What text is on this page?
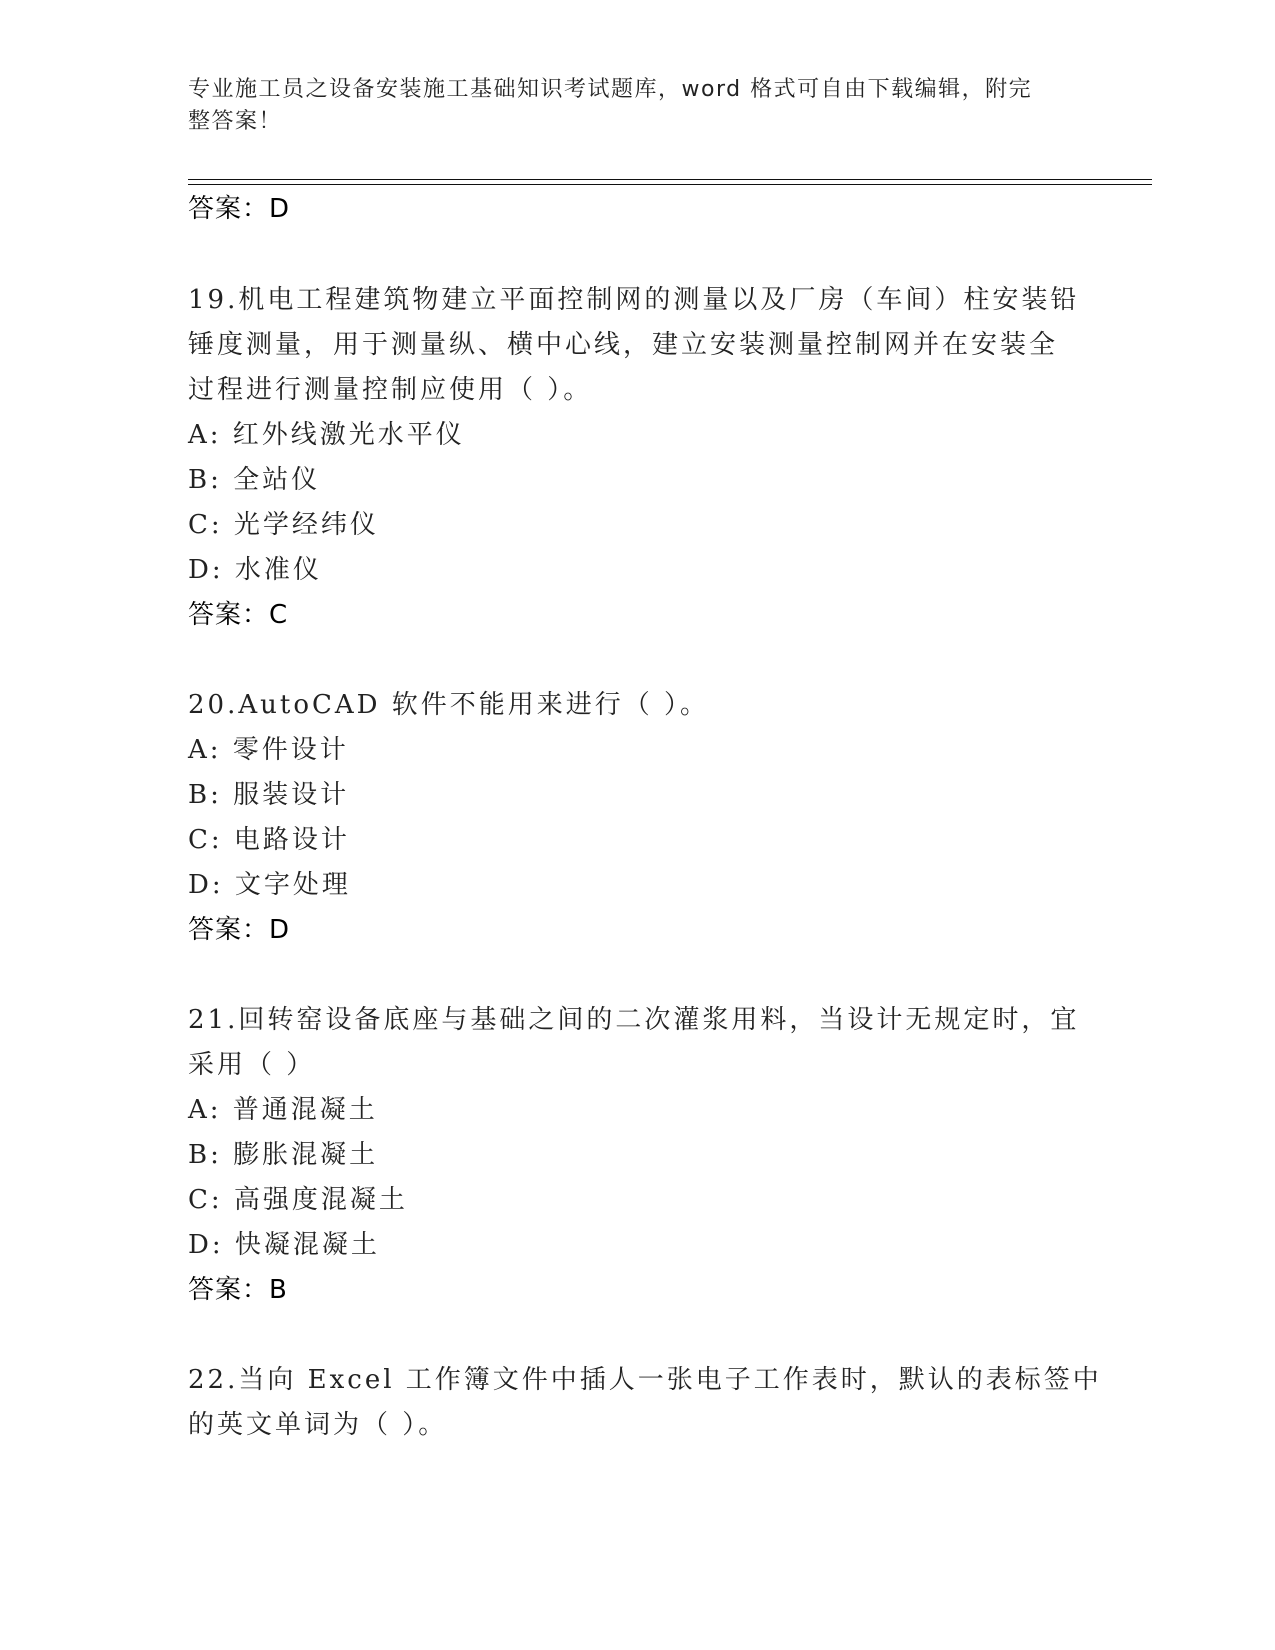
专业施工员之设备安装施工基础知识考试题库，word 格式可自由下载编辑，附完
整答案！
答案：D
19.机电工程建筑物建立平面控制网的测量以及厂房（车间）柱安装铅
锤度测量，用于测量纵、横中心线，建立安装测量控制网并在安装全
过程进行测量控制应使用（ ）。
A: 红外线激光水平仪
B: 全站仪
C: 光学经纬仪
D: 水准仪
答案：C
20.AutoCAD 软件不能用来进行（ ）。
A: 零件设计
B: 服装设计
C: 电路设计
D: 文字处理
答案：D
21.回转窑设备底座与基础之间的二次灌浆用料，当设计无规定时，宜
采用（ ）
A: 普通混凝土
B: 膨胀混凝土
C: 高强度混凝土
D: 快凝混凝土
答案：B
22.当向 Excel 工作簿文件中插人一张电子工作表时，默认的表标签中
的英文单词为（ ）。
